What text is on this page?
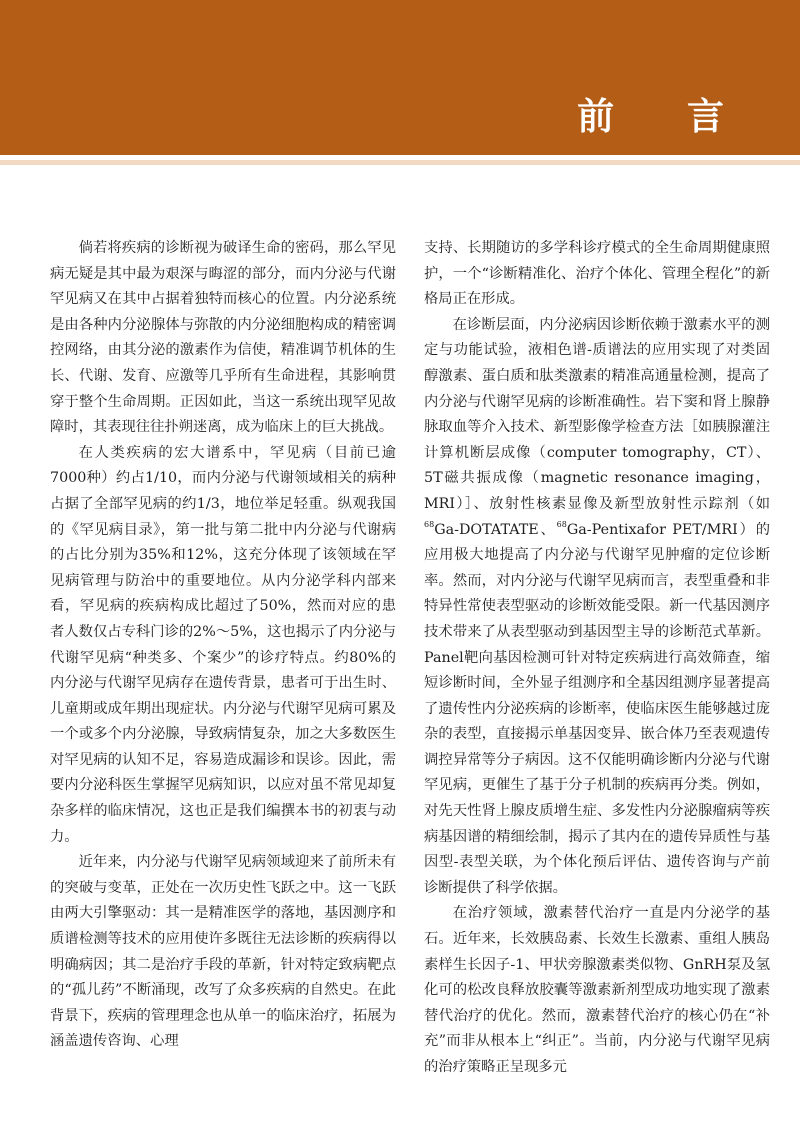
前 言

倘若将疾病的诊断视为破译生命的密码，那么罕见病无疑是其中最为艰深与晦涩的部分，而内分泌与代谢罕见病又在其中占据着独特而核心的位置。内分泌系统是由各种内分泌腺体与弥散的内分泌细胞构成的精密调控网络，由其分泌的激素作为信使，精准调节机体的生长、代谢、发育、应激等几乎所有生命进程，其影响贯穿于整个生命周期。正因如此，当这一系统出现罕见故障时，其表现往往扑朔迷离，成为临床上的巨大挑战。

在人类疾病的宏大谱系中，罕见病（目前已逾7000种）约占1/10，而内分泌与代谢领域相关的病种占据了全部罕见病的约1/3，地位举足轻重。纵观我国的《罕见病目录》，第一批与第二批中内分泌与代谢病的占比分别为35%和12%，这充分体现了该领域在罕见病管理与防治中的重要地位。从内分泌学科内部来看，罕见病的疾病构成比超过了50%，然而对应的患者人数仅占专科门诊的2%～5%，这也揭示了内分泌与代谢罕见病“种类多、个案少”的诊疗特点。约80%的内分泌与代谢罕见病存在遗传背景，患者可于出生时、儿童期或成年期出现症状。内分泌与代谢罕见病可累及一个或多个内分泌腺，导致病情复杂，加之大多数医生对罕见病的认知不足，容易造成漏诊和误诊。因此，需要内分泌科医生掌握罕见病知识，以应对虽不常见却复杂多样的临床情况，这也正是我们编撰本书的初衷与动力。

近年来，内分泌与代谢罕见病领域迎来了前所未有的突破与变革，正处在一次历史性飞跃之中。这一飞跃由两大引擎驱动：其一是精准医学的落地，基因测序和质谱检测等技术的应用使许多既往无法诊断的疾病得以明确病因；其二是治疗手段的革新，针对特定致病靶点的“孤儿药”不断涌现，改写了众多疾病的自然史。在此背景下，疾病的管理理念也从单一的临床治疗，拓展为涵盖遗传咨询、心理

支持、长期随访的多学科诊疗模式的全生命周期健康照护，一个“诊断精准化、治疗个体化、管理全程化”的新格局正在形成。

在诊断层面，内分泌病因诊断依赖于激素水平的测定与功能试验，液相色谱-质谱法的应用实现了对类固醇激素、蛋白质和肽类激素的精准高通量检测，提高了内分泌与代谢罕见病的诊断准确性。岩下窦和肾上腺静脉取血等介入技术、新型影像学检查方法［如胰腺灌注计算机断层成像（computer tomography，CT）、5T磁共振成像（magnetic resonance imaging，MRI）］、放射性核素显像及新型放射性示踪剂（如$^{68}$Ga-DOTATATE、$^{68}$Ga-Pentixafor PET/MRI）的应用极大地提高了内分泌与代谢罕见肿瘤的定位诊断率。然而，对内分泌与代谢罕见病而言，表型重叠和非特异性常使表型驱动的诊断效能受限。新一代基因测序技术带来了从表型驱动到基因型主导的诊断范式革新。Panel靶向基因检测可针对特定疾病进行高效筛查，缩短诊断时间，全外显子组测序和全基因组测序显著提高了遗传性内分泌疾病的诊断率，使临床医生能够越过庞杂的表型，直接揭示单基因变异、嵌合体乃至表观遗传调控异常等分子病因。这不仅能明确诊断内分泌与代谢罕见病，更催生了基于分子机制的疾病再分类。例如，对先天性肾上腺皮质增生症、多发性内分泌腺瘤病等疾病基因谱的精细绘制，揭示了其内在的遗传异质性与基因型-表型关联，为个体化预后评估、遗传咨询与产前诊断提供了科学依据。

在治疗领域，激素替代治疗一直是内分泌学的基石。近年来，长效胰岛素、长效生长激素、重组人胰岛素样生长因子-1、甲状旁腺激素类似物、GnRH泵及氢化可的松改良释放胶囊等激素新剂型成功地实现了激素替代治疗的优化。然而，激素替代治疗的核心仍在“补充”而非从根本上“纠正”。当前，内分泌与代谢罕见病的治疗策略正呈现多元
